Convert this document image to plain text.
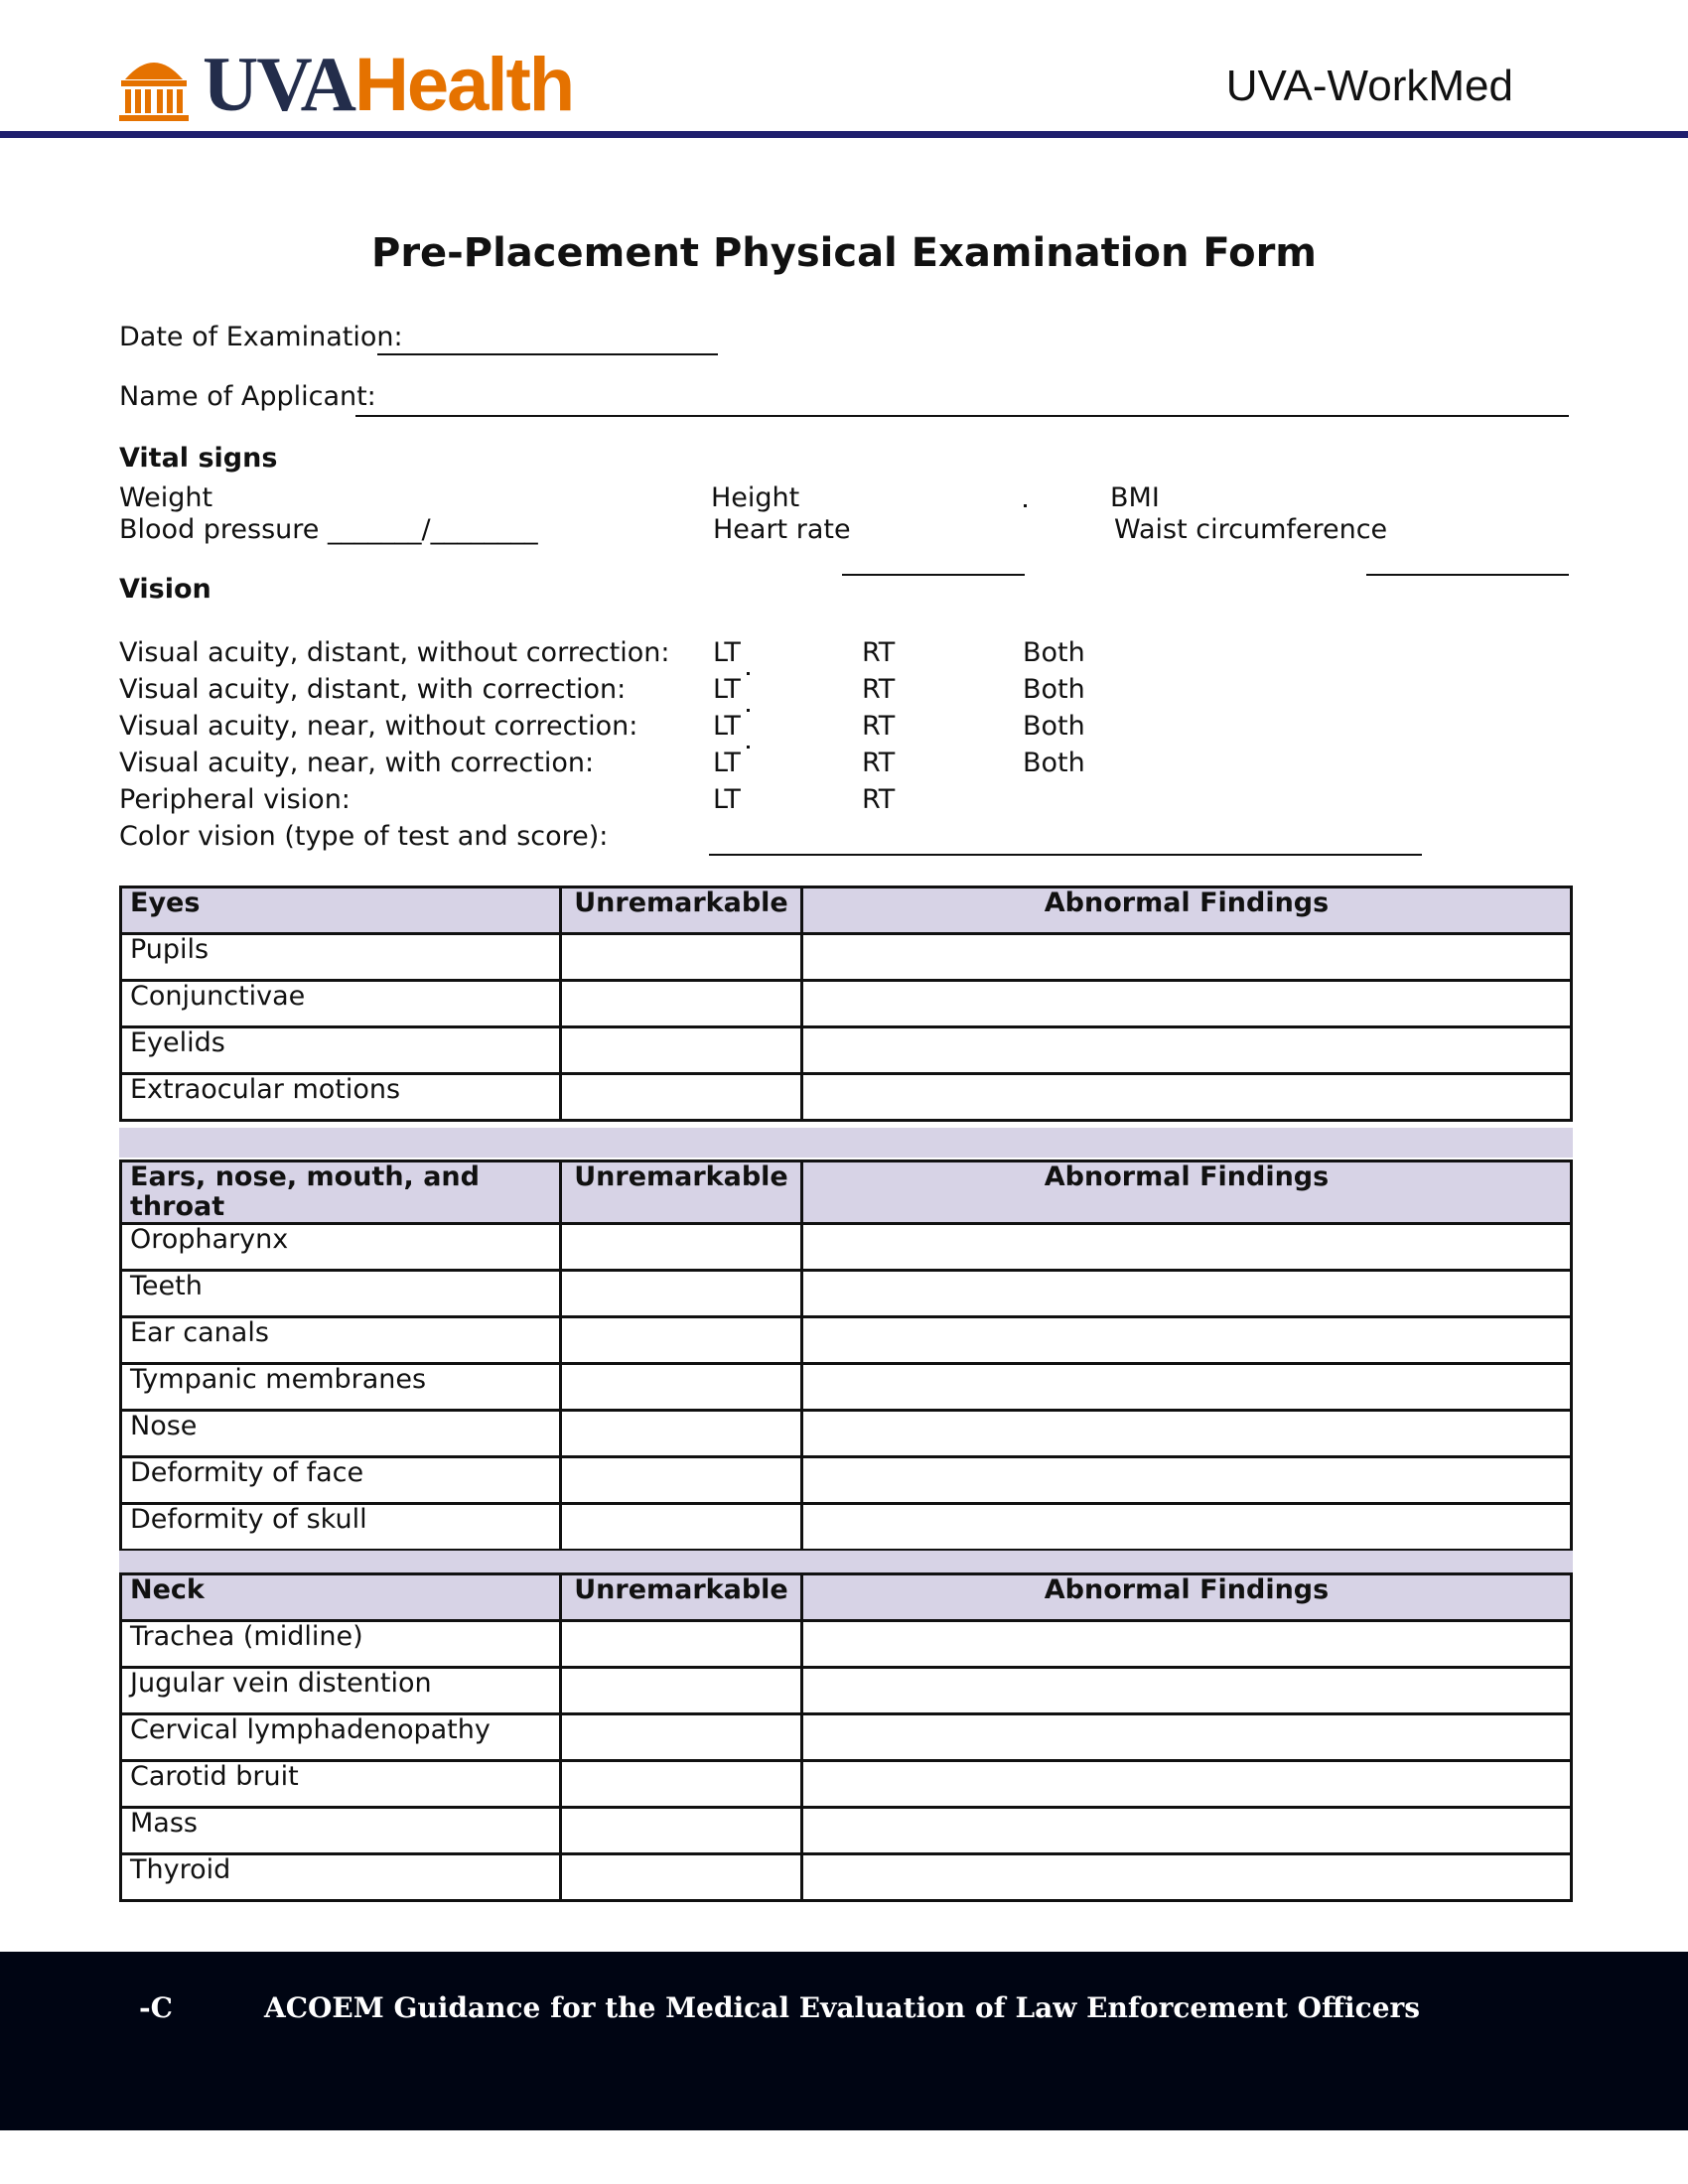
UVAHealth	UVA-WorkMed
Pre-Placement Physical Examination Form
Date of Examination:
Name of Applicant:
Vital signs
Weight	Height	BMI
Blood pressure _______/________	Heart rate	Waist circumference
Vision
Visual acuity, distant, without correction: LT	RT	Both
Visual acuity, distant, with correction:	LT	RT	Both
Visual acuity, near, without correction:	LT	RT	Both
Visual acuity, near, with correction:	LT	RT	Both
Peripheral vision:	LT	RT
Color vision (type of test and score):
Eyes	Unremarkable	Abnormal Findings
Pupils		
Conjunctivae		
Eyelids		
Extraocular motions		
Ears, nose, mouth, and throat	Unremarkable	Abnormal Findings
Oropharynx		
Teeth		
Ear canals		
Tympanic membranes		
Nose		
Deformity of face		
Deformity of skull		
Neck	Unremarkable	Abnormal Findings
Trachea (midline)		
Jugular vein distention		
Cervical lymphadenopathy		
Carotid bruit		
Mass		
Thyroid		
-C	ACOEM Guidance for the Medical Evaluation of Law Enforcement Officers
